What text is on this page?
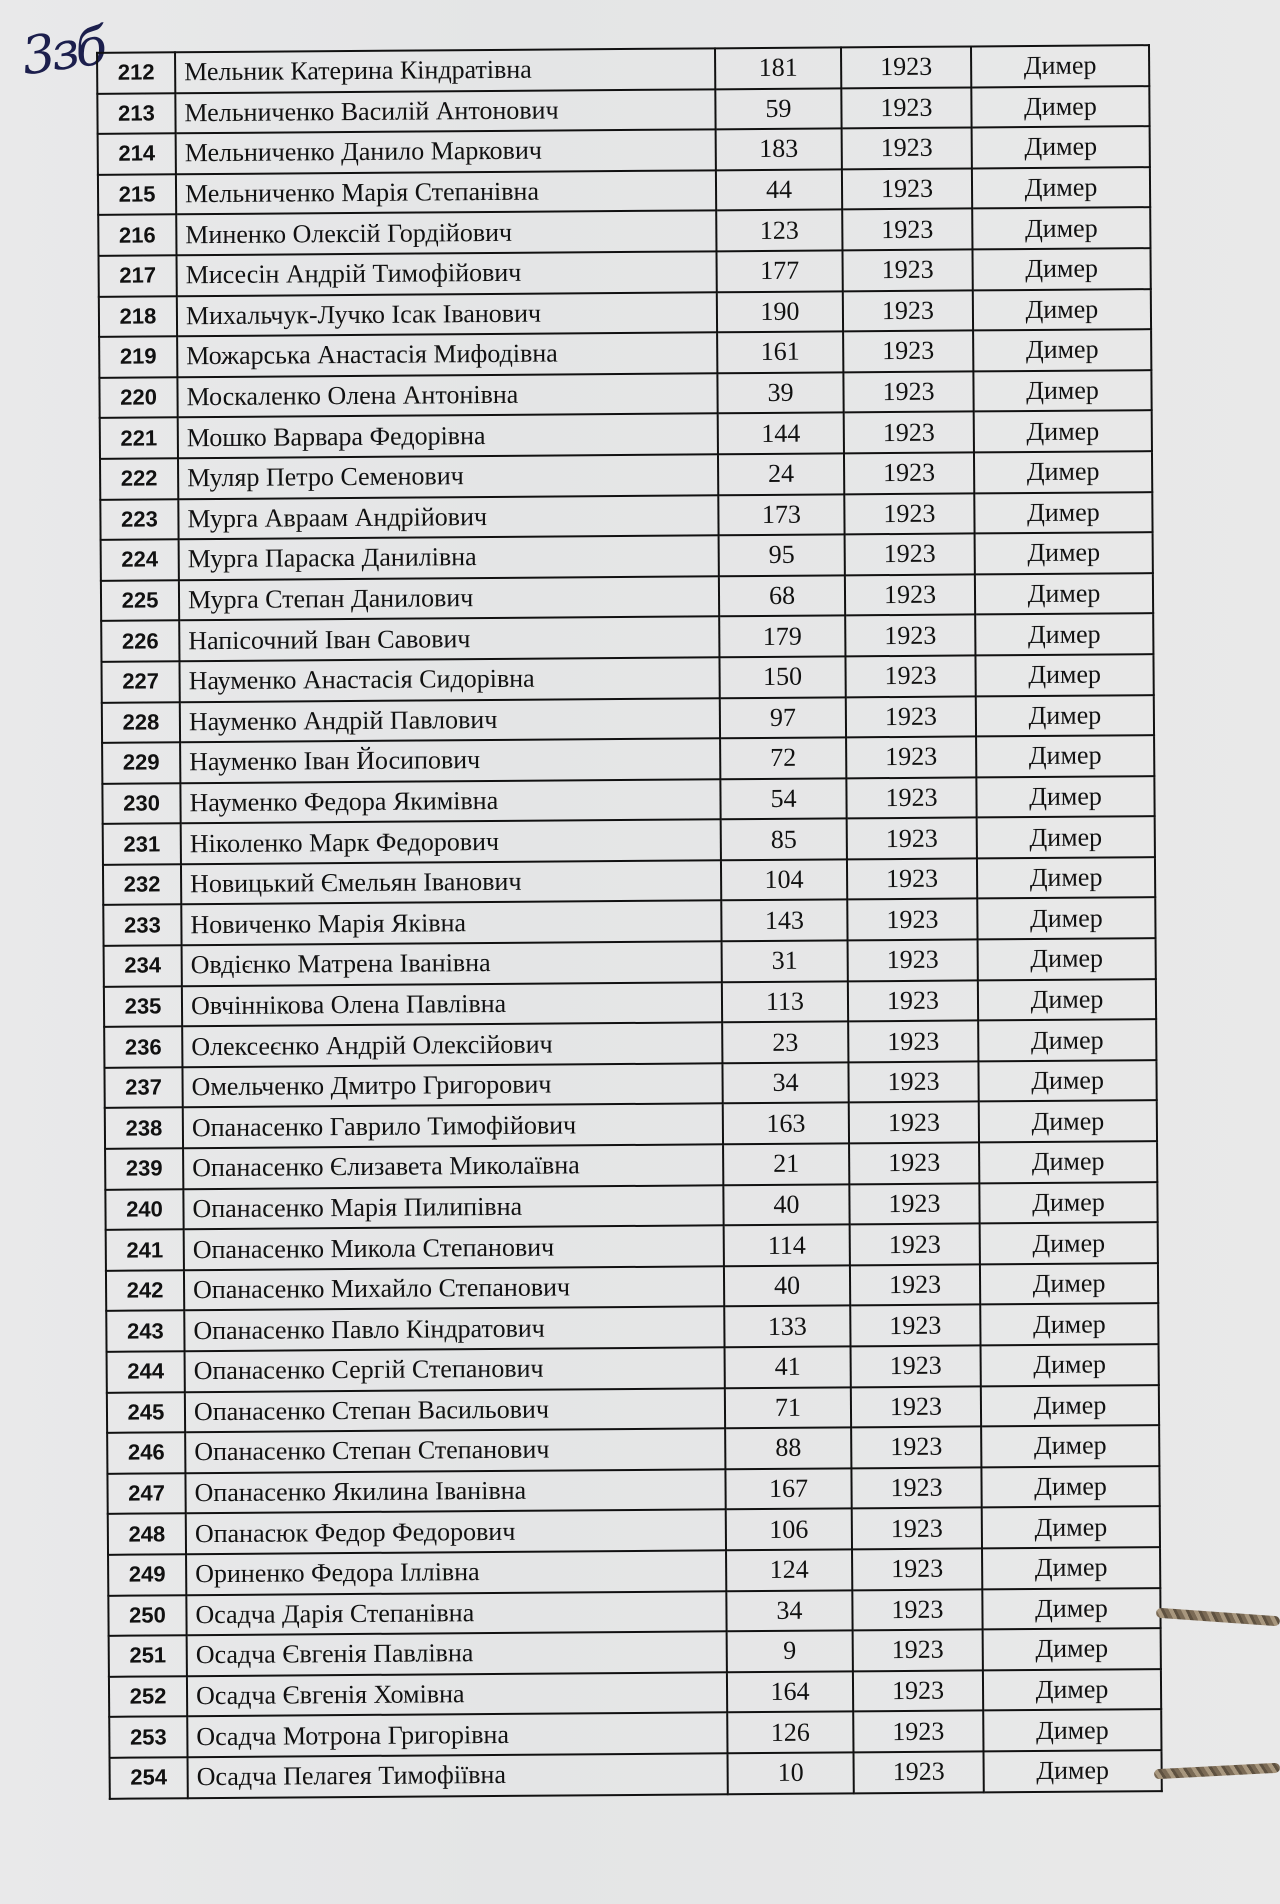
3зб 212	Мельник Катерина Кіндратівна	181	1923	Димер
213	Мельниченко Василій Антонович	59	1923	Димер
214	Мельниченко Данило Маркович	183	1923	Димер
215	Мельниченко Марія Степанівна	44	1923	Димер
216	Миненко Олексій Гордійович	123	1923	Димер
217	Мисесін Андрій Тимофійович	177	1923	Димер
218	Михальчук-Лучко Ісак Іванович	190	1923	Димер
219	Можарська Анастасія Мифодівна	161	1923	Димер
220	Москаленко Олена Антонівна	39	1923	Димер
221	Мошко Варвара Федорівна	144	1923	Димер
222	Муляр Петро Семенович	24	1923	Димер
223	Мурга Авраам Андрійович	173	1923	Димер
224	Мурга Параска Данилівна	95	1923	Димер
225	Мурга Степан Данилович	68	1923	Димер
226	Напісочний Іван Савович	179	1923	Димер
227	Науменко Анастасія Сидорівна	150	1923	Димер
228	Науменко Андрій Павлович	97	1923	Димер
229	Науменко Іван Йосипович	72	1923	Димер
230	Науменко Федора Якимівна	54	1923	Димер
231	Ніколенко Марк Федорович	85	1923	Димер
232	Новицький Ємельян Іванович	104	1923	Димер
233	Новиченко Марія Яківна	143	1923	Димер
234	Овдієнко Матрена Іванівна	31	1923	Димер
235	Овчіннікова Олена Павлівна	113	1923	Димер
236	Олексеєнко Андрій Олексійович	23	1923	Димер
237	Омельченко Дмитро Григорович	34	1923	Димер
238	Опанасенко Гаврило Тимофійович	163	1923	Димер
239	Опанасенко Єлизавета Миколаївна	21	1923	Димер
240	Опанасенко Марія Пилипівна	40	1923	Димер
241	Опанасенко Микола Степанович	114	1923	Димер
242	Опанасенко Михайло Степанович	40	1923	Димер
243	Опанасенко Павло Кіндратович	133	1923	Димер
244	Опанасенко Сергій Степанович	41	1923	Димер
245	Опанасенко Степан Васильович	71	1923	Димер
246	Опанасенко Степан Степанович	88	1923	Димер
247	Опанасенко Якилина Іванівна	167	1923	Димер
248	Опанасюк Федор Федорович	106	1923	Димер
249	Ориненко Федора Іллівна	124	1923	Димер
250	Осадча Дарія Степанівна	34	1923	Димер
251	Осадча Євгенія Павлівна	9	1923	Димер
252	Осадча Євгенія Хомівна	164	1923	Димер
253	Осадча Мотрона Григорівна	126	1923	Димер
254	Осадча Пелагея Тимофіївна	10	1923	Димер
